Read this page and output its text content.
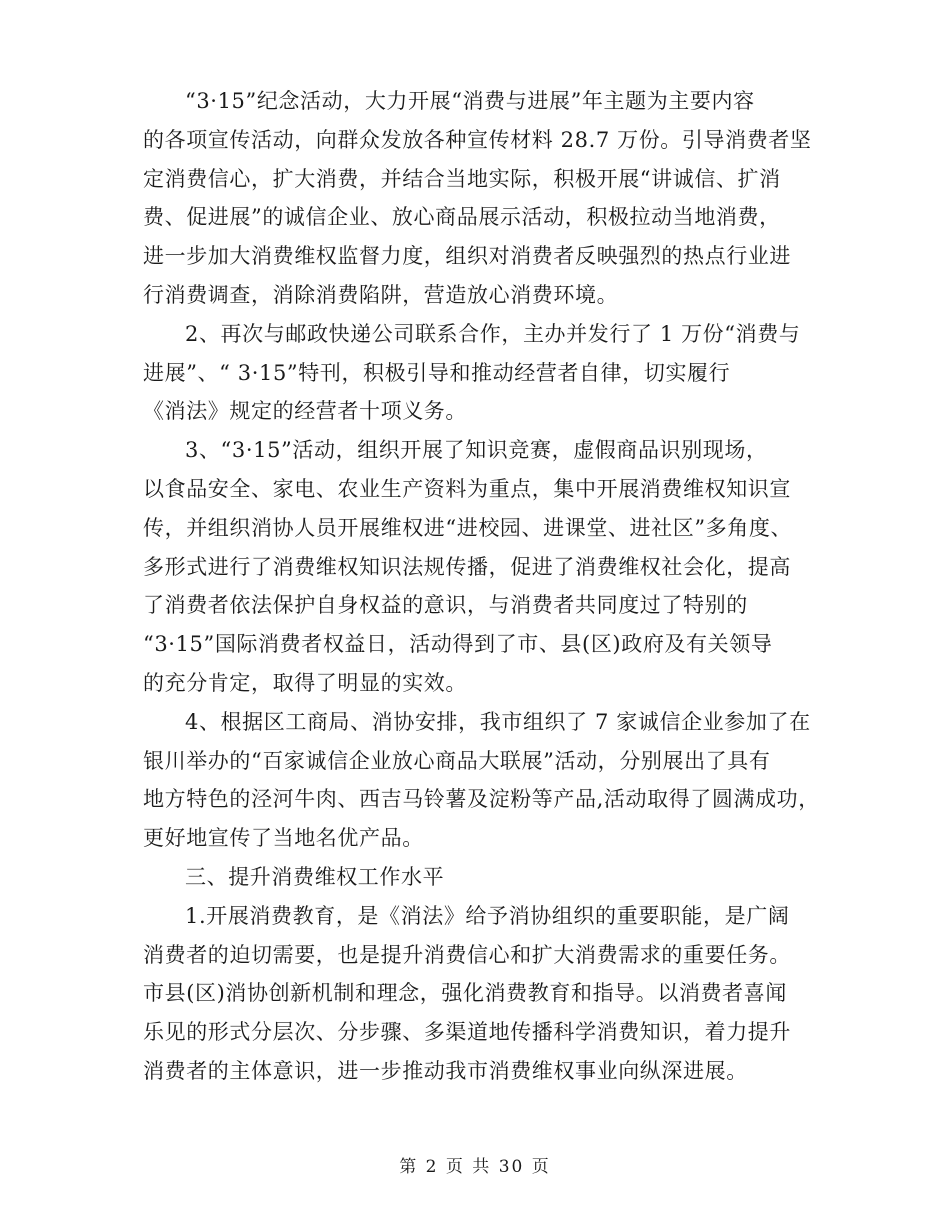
“3·15”纪念活动，大力开展“消费与进展”年主题为主要内容
的各项宣传活动，向群众发放各种宣传材料 28.7 万份。引导消费者坚
定消费信心，扩大消费，并结合当地实际，积极开展“讲诚信、扩消
费、促进展”的诚信企业、放心商品展示活动，积极拉动当地消费，
进一步加大消费维权监督力度，组织对消费者反映强烈的热点行业进
行消费调查，消除消费陷阱，营造放心消费环境。
2、再次与邮政快递公司联系合作，主办并发行了 1 万份“消费与
进展”、“ 3·15”特刊，积极引导和推动经营者自律，切实履行
《消法》规定的经营者十项义务。
3、“3·15”活动，组织开展了知识竞赛，虚假商品识别现场，
以食品安全、家电、农业生产资料为重点，集中开展消费维权知识宣
传，并组织消协人员开展维权进“进校园、进课堂、进社区”多角度、
多形式进行了消费维权知识法规传播，促进了消费维权社会化，提高
了消费者依法保护自身权益的意识，与消费者共同度过了特别的
“3·15”国际消费者权益日，活动得到了市、县(区)政府及有关领导
的充分肯定，取得了明显的实效。
4、根据区工商局、消协安排，我市组织了 7 家诚信企业参加了在
银川举办的“百家诚信企业放心商品大联展”活动，分别展出了具有
地方特色的泾河牛肉、西吉马铃薯及淀粉等产品,活动取得了圆满成功，
更好地宣传了当地名优产品。
三、提升消费维权工作水平
1.开展消费教育，是《消法》给予消协组织的重要职能，是广阔
消费者的迫切需要，也是提升消费信心和扩大消费需求的重要任务。
市县(区)消协创新机制和理念，强化消费教育和指导。以消费者喜闻
乐见的形式分层次、分步骤、多渠道地传播科学消费知识，着力提升
消费者的主体意识，进一步推动我市消费维权事业向纵深进展。
第 2 页 共 30 页
